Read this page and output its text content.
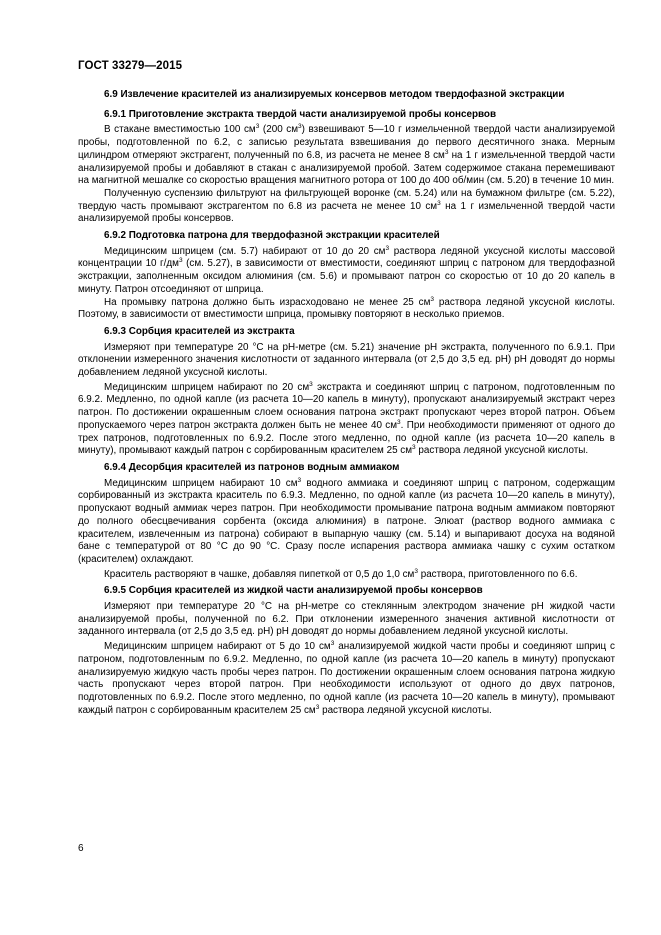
ГОСТ 33279—2015

6.9 Извлечение красителей из анализируемых консервов методом твердофазной экстракции

6.9.1 Приготовление экстракта твердой части анализируемой пробы консервов

В стакане вместимостью 100 $см^3$ (200 $см^3$) взвешивают 5—10 г измельченной твердой части анализируемой пробы, подготовленной по 6.2, с записью результата взвешивания до первого десятичного знака. Мерным цилиндром отмеряют экстрагент, полученный по 6.8, из расчета не менее 8 $см^3$ на 1 г измельченной твердой части анализируемой пробы и добавляют в стакан с анализируемой пробой. Затем содержимое стакана перемешивают на магнитной мешалке со скоростью вращения магнитного ротора от 100 до 400 об/мин (см. 5.20) в течение 10 мин.

Полученную суспензию фильтруют на фильтрующей воронке (см. 5.24) или на бумажном фильтре (см. 5.22), твердую часть промывают экстрагентом по 6.8 из расчета не менее 10 $см^3$ на 1 г измельченной твердой части анализируемой пробы консервов.

6.9.2 Подготовка патрона для твердофазной экстракции красителей

Медицинским шприцем (см. 5.7) набирают от 10 до 20 $см^3$ раствора ледяной уксусной кислоты массовой концентрации 10 $г/дм^3$ (см. 5.27), в зависимости от вместимости, соединяют шприц с патроном для твердофазной экстракции, заполненным оксидом алюминия (см. 5.6) и промывают патрон со скоростью от 10 до 20 капель в минуту. Патрон отсоединяют от шприца.

На промывку патрона должно быть израсходовано не менее 25 $см^3$ раствора ледяной уксусной кислоты. Поэтому, в зависимости от вместимости шприца, промывку повторяют в несколько приемов.

6.9.3 Сорбция красителей из экстракта

Измеряют при температуре 20 °С на рН-метре (см. 5.21) значение рН экстракта, полученного по 6.9.1. При отклонении измеренного значения кислотности от заданного интервала (от 2,5 до 3,5 ед. рН) рН доводят до нормы добавлением ледяной уксусной кислоты.

Медицинским шприцем набирают по 20 $см^3$ экстракта и соединяют шприц с патроном, подготовленным по 6.9.2. Медленно, по одной капле (из расчета 10—20 капель в минуту), пропускают анализируемый экстракт через патрон. По достижении окрашенным слоем основания патрона экстракт пропускают через второй патрон. Объем пропускаемого через патрон экстракта должен быть не менее 40 $см^3$. При необходимости применяют от одного до трех патронов, подготовленных по 6.9.2. После этого медленно, по одной капле (из расчета 10—20 капель в минуту), промывают каждый патрон с сорбированным красителем 25 $см^3$ раствора ледяной уксусной кислоты.

6.9.4 Десорбция красителей из патронов водным аммиаком

Медицинским шприцем набирают 10 $см^3$ водного аммиака и соединяют шприц с патроном, содержащим сорбированный из экстракта краситель по 6.9.3. Медленно, по одной капле (из расчета 10—20 капель в минуту), пропускают водный аммиак через патрон. При необходимости промывание патрона водным аммиаком повторяют до полного обесцвечивания сорбента (оксида алюминия) в патроне. Элюат (раствор водного аммиака с красителем, извлеченным из патрона) собирают в выпарную чашку (см. 5.14) и выпаривают досуха на водяной бане с температурой от 80 °С до 90 °С. Сразу после испарения раствора аммиака чашку с сухим остатком (красителем) охлаждают.

Краситель растворяют в чашке, добавляя пипеткой от 0,5 до 1,0 $см^3$ раствора, приготовленного по 6.6.

6.9.5 Сорбция красителей из жидкой части анализируемой пробы консервов

Измеряют при температуре 20 °С на рН-метре со стеклянным электродом значение рН жидкой части анализируемой пробы, полученной по 6.2. При отклонении измеренного значения активной кислотности от заданного интервала (от 2,5 до 3,5 ед. рН) рН доводят до нормы добавлением ледяной уксусной кислоты.

Медицинским шприцем набирают от 5 до 10 $см^3$ анализируемой жидкой части пробы и соединяют шприц с патроном, подготовленным по 6.9.2. Медленно, по одной капле (из расчета 10—20 капель в минуту) пропускают анализируемую жидкую часть пробы через патрон. По достижении окрашенным слоем основания патрона жидкую часть пропускают через второй патрон. При необходимости используют от одного до двух патронов, подготовленных по 6.9.2. После этого медленно, по одной капле (из расчета 10—20 капель в минуту), промывают каждый патрон с сорбированным красителем 25 $см^3$ раствора ледяной уксусной кислоты.

6
